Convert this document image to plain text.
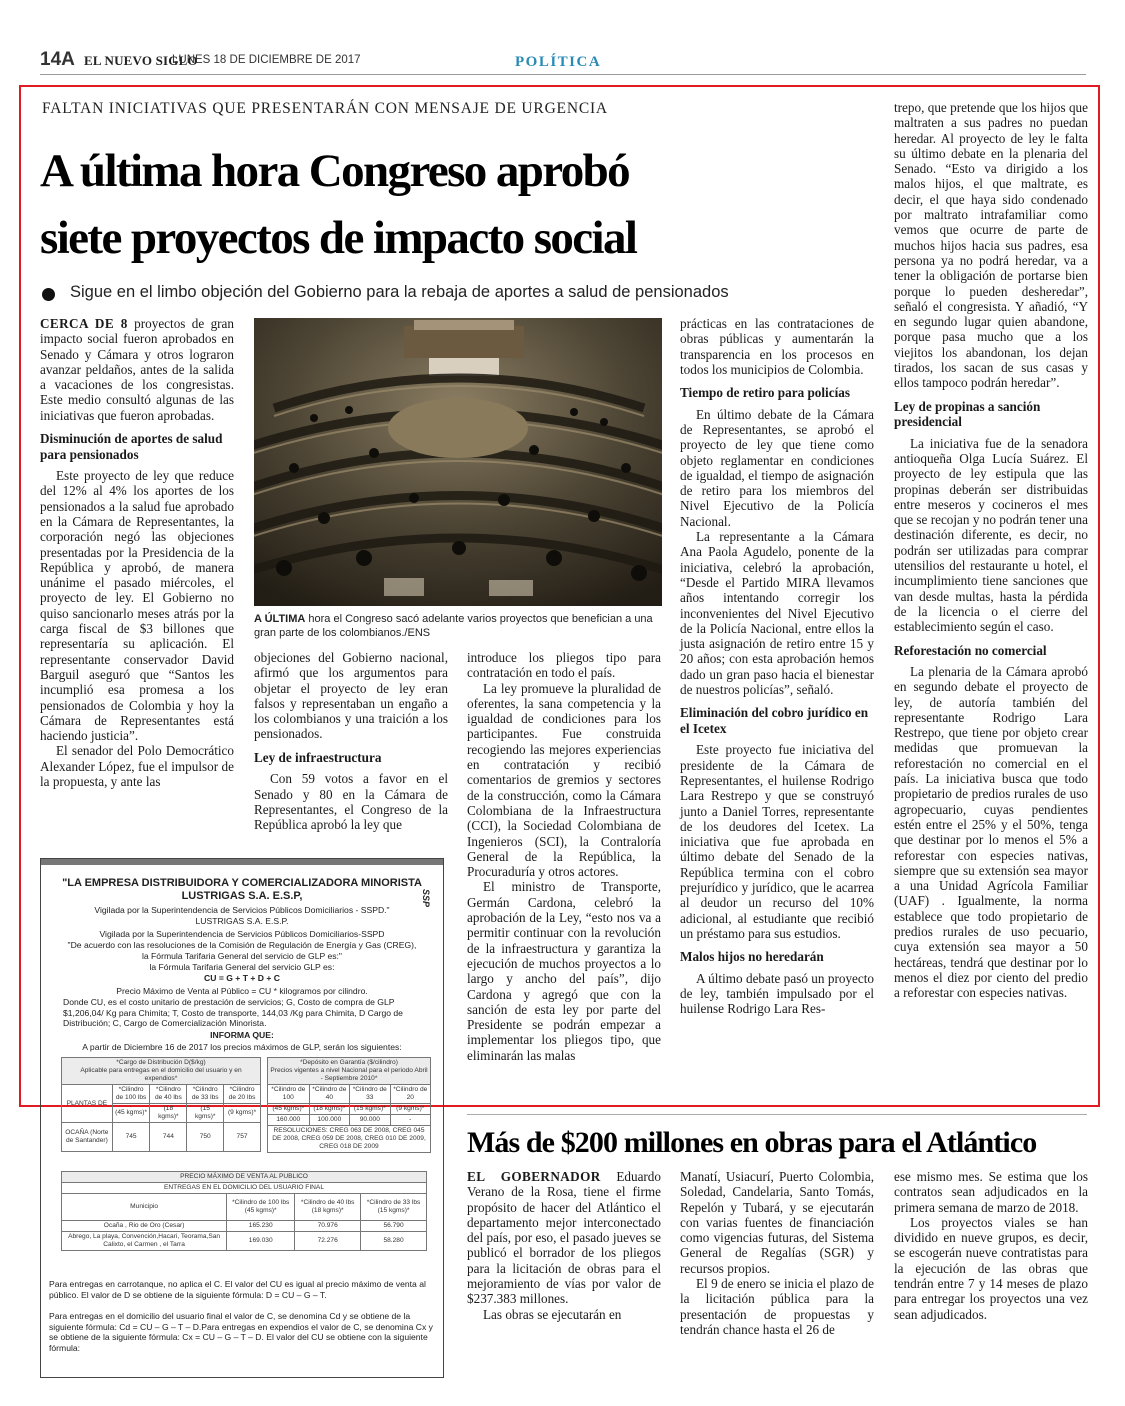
14A EL NUEVO SIGLO
LUNES 18 DE DICIEMBRE DE 2017	POLÍTICA
FALTAN INICIATIVAS QUE PRESENTARÁN CON MENSAJE DE URGENCIA
A última hora Congreso aprobó
siete proyectos de impacto social
Sigue en el limbo objeción del Gobierno para la rebaja de aportes a salud de pensionados

CERCA DE 8 proyectos de gran impacto social fueron aprobados en Senado y Cámara y otros lograron avanzar peldaños, antes de la salida a vacaciones de los congresistas. Este medio consultó algunas de las iniciativas que fueron aprobadas.

Disminución de aportes de salud para pensionados

Este proyecto de ley que reduce del 12% al 4% los aportes de los pensionados a la salud fue aprobado en la Cámara de Representantes, la corporación negó las objeciones presentadas por la Presidencia de la República y aprobó, de manera unánime el pasado miércoles, el proyecto de ley. El Gobierno no quiso sancionarlo meses atrás por la carga fiscal de $3 billones que representaría su aplicación. El representante conservador David Barguil aseguró que “Santos les incumplió esa promesa a los pensionados de Colombia y hoy la Cámara de Representantes está haciendo justicia”.

El senador del Polo Democrático Alexander López, fue el impulsor de la propuesta, y ante las

A ÚLTIMA hora el Congreso sacó adelante varios proyectos que benefician a una gran parte de los colombianos./ENS

objeciones del Gobierno nacional, afirmó que los argumentos para objetar el proyecto de ley eran falsos y representaban un engaño a los colombianos y una traición a los pensionados.

Ley de infraestructura

Con 59 votos a favor en el Senado y 80 en la Cámara de Representantes, el Congreso de la República aprobó la ley que

introduce los pliegos tipo para contratación en todo el país.

La ley promueve la pluralidad de oferentes, la sana competencia y la igualdad de condiciones para los participantes. Fue construida recogiendo las mejores experiencias en contratación y recibió comentarios de gremios y sectores de la construcción, como la Cámara Colombiana de la Infraestructura (CCI), la Sociedad Colombiana de Ingenieros (SCI), la Contraloría General de la República, la Procuraduría y otros actores.

El ministro de Transporte, Germán Cardona, celebró la aprobación de la Ley, “esto nos va a permitir continuar con la revolución de la infraestructura y garantiza la ejecución de muchos proyectos a lo largo y ancho del país”, dijo Cardona y agregó que con la sanción de esta ley por parte del Presidente se podrán empezar a implementar los pliegos tipo, que eliminarán las malas

prácticas en las contrataciones de obras públicas y aumentarán la transparencia en los procesos en todos los municipios de Colombia.

Tiempo de retiro para policías

En último debate de la Cámara de Representantes, se aprobó el proyecto de ley que tiene como objeto reglamentar en condiciones de igualdad, el tiempo de asignación de retiro para los miembros del Nivel Ejecutivo de la Policía Nacional.

La representante a la Cámara Ana Paola Agudelo, ponente de la iniciativa, celebró la aprobación, “Desde el Partido MIRA llevamos años intentando corregir los inconvenientes del Nivel Ejecutivo de la Policía Nacional, entre ellos la justa asignación de retiro entre 15 y 20 años; con esta aprobación hemos dado un gran paso hacia el bienestar de nuestros policías”, señaló.

Eliminación del cobro jurídico en el Icetex

Este proyecto fue iniciativa del presidente de la Cámara de Representantes, el huilense Rodrigo Lara Restrepo y que se construyó junto a Daniel Torres, representante de los deudores del Icetex. La iniciativa que fue aprobada en último debate del Senado de la República termina con el cobro prejurídico y jurídico, que le acarrea al deudor un recurso del 10% adicional, al estudiante que recibió un préstamo para sus estudios.

Malos hijos no heredarán

A último debate pasó un proyecto de ley, también impulsado por el huilense Rodrigo Lara Res-

trepo, que pretende que los hijos que maltraten a sus padres no puedan heredar. Al proyecto de ley le falta su último debate en la plenaria del Senado. “Esto va dirigido a los malos hijos, el que maltrate, es decir, el que haya sido condenado por maltrato intrafamiliar como vemos que ocurre de parte de muchos hijos hacia sus padres, esa persona ya no podrá heredar, va a tener la obligación de portarse bien porque lo pueden desheredar”, señaló el congresista. Y añadió, “Y en segundo lugar quien abandone, porque pasa mucho que a los viejitos los abandonan, los dejan tirados, los sacan de sus casas y ellos tampoco podrán heredar”.

Ley de propinas a sanción presidencial

La iniciativa fue de la senadora antioqueña Olga Lucía Suárez. El proyecto de ley estipula que las propinas deberán ser distribuidas entre meseros y cocineros el mes que se recojan y no podrán tener una destinación diferente, es decir, no podrán ser utilizadas para comprar utensilios del restaurante u hotel, el incumplimiento tiene sanciones que van desde multas, hasta la pérdida de la licencia o el cierre del establecimiento según el caso.

Reforestación no comercial

La plenaria de la Cámara aprobó en segundo debate el proyecto de ley, de autoría también del representante Rodrigo Lara Restrepo, que tiene por objeto crear medidas que promuevan la reforestación no comercial en el país. La iniciativa busca que todo propietario de predios rurales de uso agropecuario, cuyas pendientes estén entre el 25% y el 50%, tenga que destinar por lo menos el 5% a reforestar con especies nativas, siempre que su extensión sea mayor a una Unidad Agrícola Familiar (UAF) . Igualmente, la norma establece que todo propietario de predios rurales de uso pecuario, cuya extensión sea mayor a 50 hectáreas, tendrá que destinar por lo menos el diez por ciento del predio a reforestar con especies nativas.

"LA EMPRESA DISTRIBUIDORA Y COMERCIALIZADORA MINORISTA
LUSTRIGAS S.A. E.S.P,	SSP
Vigilada por la Superintendencia de Servicios Públicos Domiciliarios - SSPD."
LUSTRIGAS S.A. E.S.P.
Vigilada por la Superintendencia de Servicios Públicos Domiciliarios-SSPD
"De acuerdo con las resoluciones de la Comisión de Regulación de Energía y Gas (CREG),
la Fórmula Tarifaria General del servicio de GLP es:"
la Fórmula Tarifaria General del servicio GLP es:
CU = G + T + D + C
Precio Máximo de Venta al Público = CU * kilogramos por cilindro.
Donde CU, es el costo unitario de prestación de servicios; G, Costo de compra de GLP $1,206,04/ Kg para Chimita; T, Costo de transporte, 144,03 /Kg para Chimita, D Cargo de Distribución; C, Cargo de Comercialización Minorista.
INFORMA QUE:
A partir de Diciembre 16 de 2017 los precios máximos de GLP, serán los siguientes:
*Cargo de Distribución D($/kg)
Aplicable para entregas en el domicilio del usuario y en expendios*				

PLANTAS DE	*Cilindro de 100 lbs	*Cilindro de 40 lbs	*Cilindro de 33 lbs	*Cilindro de 20 lbs
	(45 kgms)*	(18 kgms)*	(15 kgms)*	(9 kgms)*
OCAÑA (Norte de Santander)	745	744	750	757
*Depósito en Garantía ($/cilindro)
Precios vigentes a nivel Nacional para el periodo Abril - Septiembre 2010*			

*Cilindro de 100	*Cilindro de 40	*Cilindro de 33	*Cilindro de 20
(45 kgms)*	(18 kgms)*	(15 kgms)*	(9 kgms)*
160.000	100.000	90.000	-
RESOLUCIONES: CREG 063 DE 2008, CREG 045 DE 2008, CREG 059 DE 2008, CREG 010 DE 2009, CREG 018 DE 2009			
PRECIO MÁXIMO DE VENTA AL PUBLICO			
ENTREGAS EN EL DOMICILIO DEL USUARIO FINAL			
Municipio	*Cilindro de 100 lbs (45 kgms)*	*Cilindro de 40 lbs (18 kgms)*	*Cilindro de 33 lbs (15 kgms)*
Ocaña , Rio de Oro (Cesar)	165.230	70.976	56.790
Abrego, La playa, Convención,Hacari, Teorama,San Calixto, el Carmen , el Tarra	169.030	72.276	58.280
Para entregas en carrotanque, no aplica el C. El valor del CU es igual al precio máximo de venta al público. El valor de D se obtiene de la siguiente fórmula: D = CU – G – T.
Para entregas en el domicilio del usuario final el valor de C, se denomina Cd y se obtiene de la siguiente fórmula: Cd = CU – G – T – D.Para entregas en expendios el valor de C, se denomina Cx y se obtiene de la siguiente fórmula: Cx = CU – G – T – D. El valor del CU se obtiene con la siguiente fórmula:
Más de $200 millones en obras para el Atlántico

EL GOBERNADOR Eduardo Verano de la Rosa, tiene el firme propósito de hacer del Atlántico el departamento mejor interconectado del país, por eso, el pasado jueves se publicó el borrador de los pliegos para la licitación de obras para el mejoramiento de vías por valor de $237.383 millones.

Las obras se ejecutarán en

Manatí, Usiacurí, Puerto Colombia, Soledad, Candelaria, Santo Tomás, Repelón y Tubará, y se ejecutarán con varias fuentes de financiación como vigencias futuras, del Sistema General de Regalías (SGR) y recursos propios.

El 9 de enero se inicia el plazo de la licitación pública para la presentación de propuestas y tendrán chance hasta el 26 de

ese mismo mes. Se estima que los contratos sean adjudicados en la primera semana de marzo de 2018.

Los proyectos viales se han dividido en nueve grupos, es decir, se escogerán nueve contratistas para la ejecución de las obras que tendrán entre 7 y 14 meses de plazo para entregar los proyectos una vez sean adjudicados.
